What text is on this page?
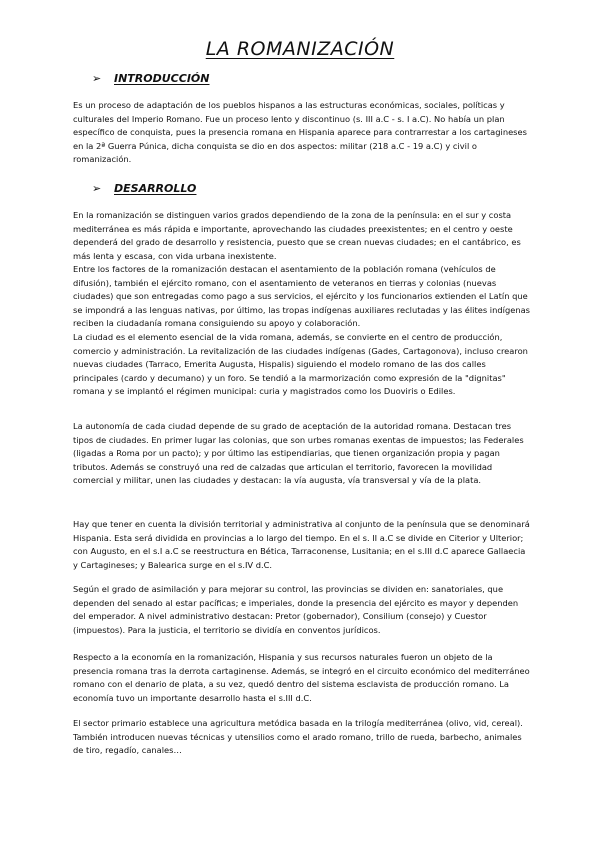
LA ROMANIZACIÓN
➢ INTRODUCCIÓN

Es un proceso de adaptación de los pueblos hispanos a las estructuras económicas, sociales, políticas y culturales del Imperio Romano. Fue un proceso lento y discontinuo (s. III a.C - s. I a.C). No había un plan específico de conquista, pues la presencia romana en Hispania aparece para contrarrestar a los cartagineses en la 2ª Guerra Púnica, dicha conquista se dio en dos aspectos: militar (218 a.C - 19 a.C) y civil o romanización.

➢ DESARROLLO

En la romanización se distinguen varios grados dependiendo de la zona de la península: en el sur y costa mediterránea es más rápida e importante, aprovechando las ciudades preexistentes; en el centro y oeste dependerá del grado de desarrollo y resistencia, puesto que se crean nuevas ciudades; en el cantábrico, es más lenta y escasa, con vida urbana inexistente.

Entre los factores de la romanización destacan el asentamiento de la población romana (vehículos de difusión), también el ejército romano, con el asentamiento de veteranos en tierras y colonias (nuevas ciudades) que son entregadas como pago a sus servicios, el ejército y los funcionarios extienden el Latín que se impondrá a las lenguas nativas, por último, las tropas indígenas auxiliares reclutadas y las élites indígenas reciben la ciudadanía romana consiguiendo su apoyo y colaboración.

La ciudad es el elemento esencial de la vida romana, además, se convierte en el centro de producción, comercio y administración. La revitalización de las ciudades indígenas (Gades, Cartagonova), incluso crearon nuevas ciudades (Tarraco, Emerita Augusta, Hispalis) siguiendo el modelo romano de las dos calles principales (cardo y decumano) y un foro. Se tendió a la marmorización como expresión de la "dignitas" romana y se implantó el régimen municipal: curia y magistrados como los Duoviris o Ediles.

La autonomía de cada ciudad depende de su grado de aceptación de la autoridad romana. Destacan tres tipos de ciudades. En primer lugar las colonias, que son urbes romanas exentas de impuestos; las Federales (ligadas a Roma por un pacto); y por último las estipendiarias, que tienen organización propia y pagan tributos. Además se construyó una red de calzadas que articulan el territorio, favorecen la movilidad comercial y militar, unen las ciudades y destacan: la vía augusta, vía transversal y vía de la plata.

Hay que tener en cuenta la división territorial y administrativa al conjunto de la península que se denominará Hispania. Esta será dividida en provincias a lo largo del tiempo. En el s. II a.C se divide en Citerior y Ulterior; con Augusto, en el s.I a.C se reestructura en Bética, Tarraconense, Lusitania; en el s.III d.C aparece Gallaecia y Cartagineses; y Balearica surge en el s.IV d.C.

Según el grado de asimilación y para mejorar su control, las provincias se dividen en: sanatoriales, que dependen del senado al estar pacíficas; e imperiales, donde la presencia del ejército es mayor y dependen del emperador. A nivel administrativo destacan: Pretor (gobernador), Consilium (consejo) y Cuestor (impuestos). Para la justicia, el territorio se dividía en conventos jurídicos.

Respecto a la economía en la romanización, Hispania y sus recursos naturales fueron un objeto de la presencia romana tras la derrota cartaginense. Además, se integró en el circuito económico del mediterráneo romano con el denario de plata, a su vez, quedó dentro del sistema esclavista de producción romano. La economía tuvo un importante desarrollo hasta el s.III d.C.

El sector primario establece una agricultura metódica basada en la trilogía mediterránea (olivo, vid, cereal). También introducen nuevas técnicas y utensilios como el arado romano, trillo de rueda, barbecho, animales de tiro, regadío, canales…
